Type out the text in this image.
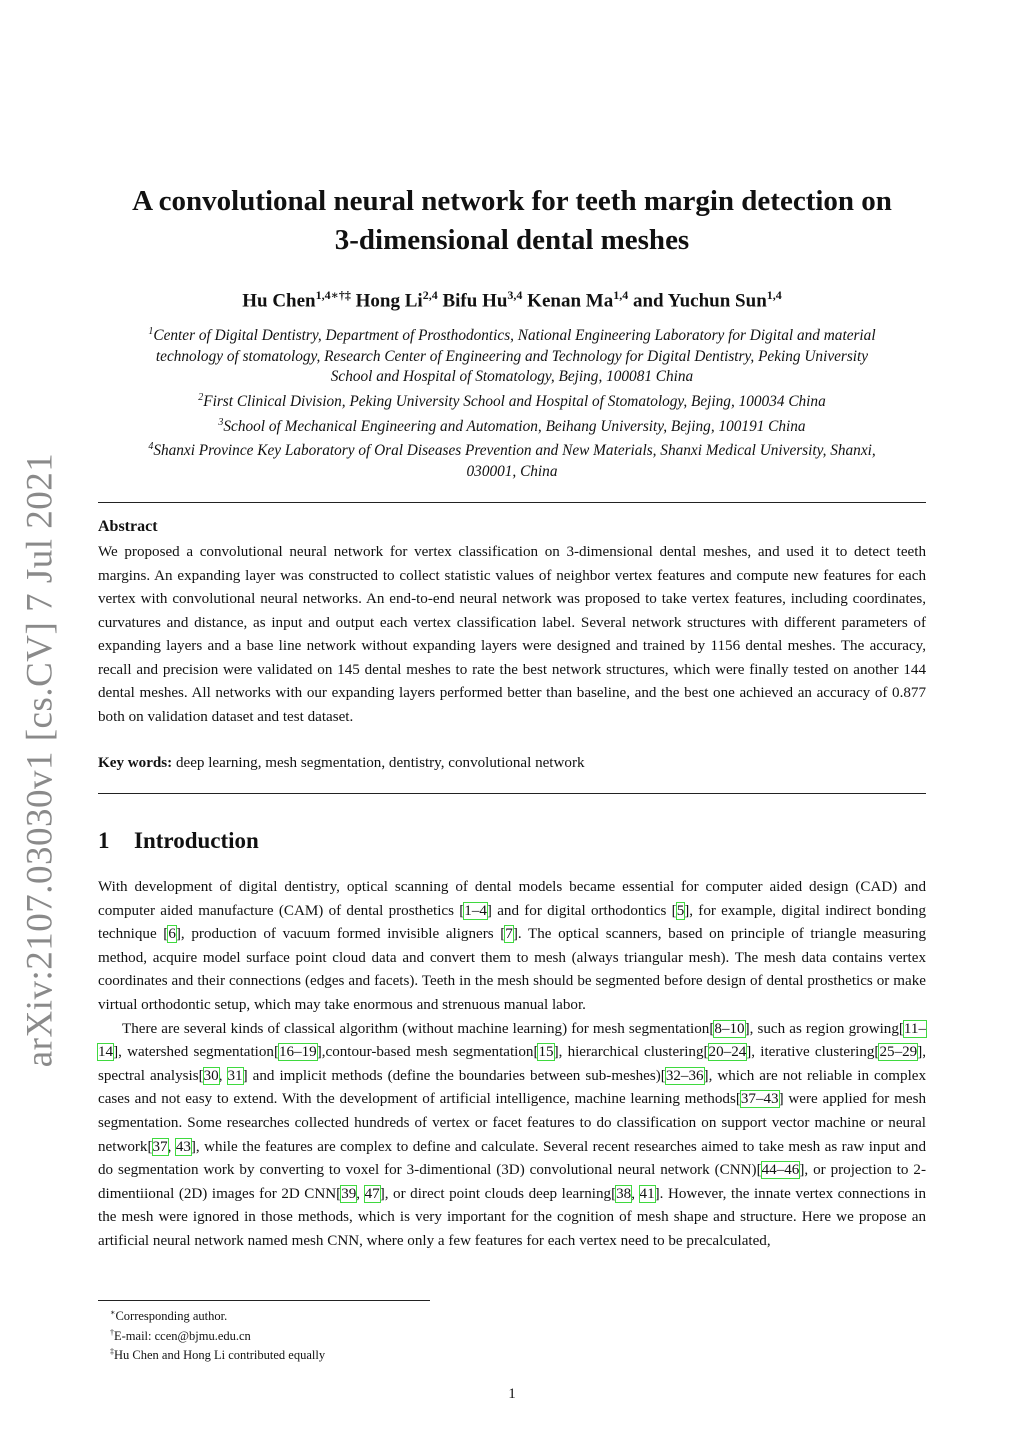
arXiv:2107.03030v1 [cs.CV] 7 Jul 2021
A convolutional neural network for teeth margin detection on
3-dimensional dental meshes
Hu Chen$^{1,4∗\dagger\ddagger}$ Hong Li$^{2,4}$ Bifu Hu$^{3,4}$ Kenan Ma$^{1,4}$ and Yuchun Sun$^{1,4}$
$^1$Center of Digital Dentistry, Department of Prosthodontics, National Engineering Laboratory for Digital and material
technology of stomatology, Research Center of Engineering and Technology for Digital Dentistry, Peking University
School and Hospital of Stomatology, Bejing, 100081 China
$^2$First Clinical Division, Peking University School and Hospital of Stomatology, Bejing, 100034 China
$^3$School of Mechanical Engineering and Automation, Beihang University, Bejing, 100191 China
$^4$Shanxi Province Key Laboratory of Oral Diseases Prevention and New Materials, Shanxi Medical University, Shanxi,
030001, China
Abstract
We proposed a convolutional neural network for vertex classification on 3-dimensional dental meshes, and used it to detect teeth margins. An expanding layer was constructed to collect statistic values of neighbor vertex features and compute new features for each vertex with convolutional neural networks. An end-to-end neural network was proposed to take vertex features, including coordinates, curvatures and distance, as input and output each vertex classification label. Several network structures with different parameters of expanding layers and a base line network without expanding layers were designed and trained by 1156 dental meshes. The accuracy, recall and precision were validated on 145 dental meshes to rate the best network structures, which were finally tested on another 144 dental meshes. All networks with our expanding layers performed better than baseline, and the best one achieved an accuracy of 0.877 both on validation dataset and test dataset.
Key words: deep learning, mesh segmentation, dentistry, convolutional network
1 Introduction

With development of digital dentistry, optical scanning of dental models became essential for computer aided design (CAD) and computer aided manufacture (CAM) of dental prosthetics [1–4] and for digital orthodontics [5], for example, digital indirect bonding technique [6], production of vacuum formed invisible aligners [7]. The optical scanners, based on principle of triangle measuring method, acquire model surface point cloud data and convert them to mesh (always triangular mesh). The mesh data contains vertex coordinates and their connections (edges and facets). Teeth in the mesh should be segmented before design of dental prosthetics or make virtual orthodontic setup, which may take enormous and strenuous manual labor.

There are several kinds of classical algorithm (without machine learning) for mesh segmentation[8–10], such as region growing[11–14], watershed segmentation[16–19],contour-based mesh segmentation[15], hierarchical clustering[20–24], iterative clustering[25–29], spectral analysis[30, 31] and implicit methods (define the boundaries between sub-meshes)[32–36], which are not reliable in complex cases and not easy to extend. With the development of artificial intelligence, machine learning methods[37–43] were applied for mesh segmentation. Some researches collected hundreds of vertex or facet features to do classification on support vector machine or neural network[37, 43], while the features are complex to define and calculate. Several recent researches aimed to take mesh as raw input and do segmentation work by converting to voxel for 3-dimentional (3D) convolutional neural network (CNN)[44–46], or projection to 2-dimentiional (2D) images for 2D CNN[39, 47], or direct point clouds deep learning[38, 41]. However, the innate vertex connections in the mesh were ignored in those methods, which is very important for the cognition of mesh shape and structure. Here we propose an artificial neural network named mesh CNN, where only a few features for each vertex need to be precalculated,

∗Corresponding author.
†E-mail: ccen@bjmu.edu.cn
‡Hu Chen and Hong Li contributed equally
1
